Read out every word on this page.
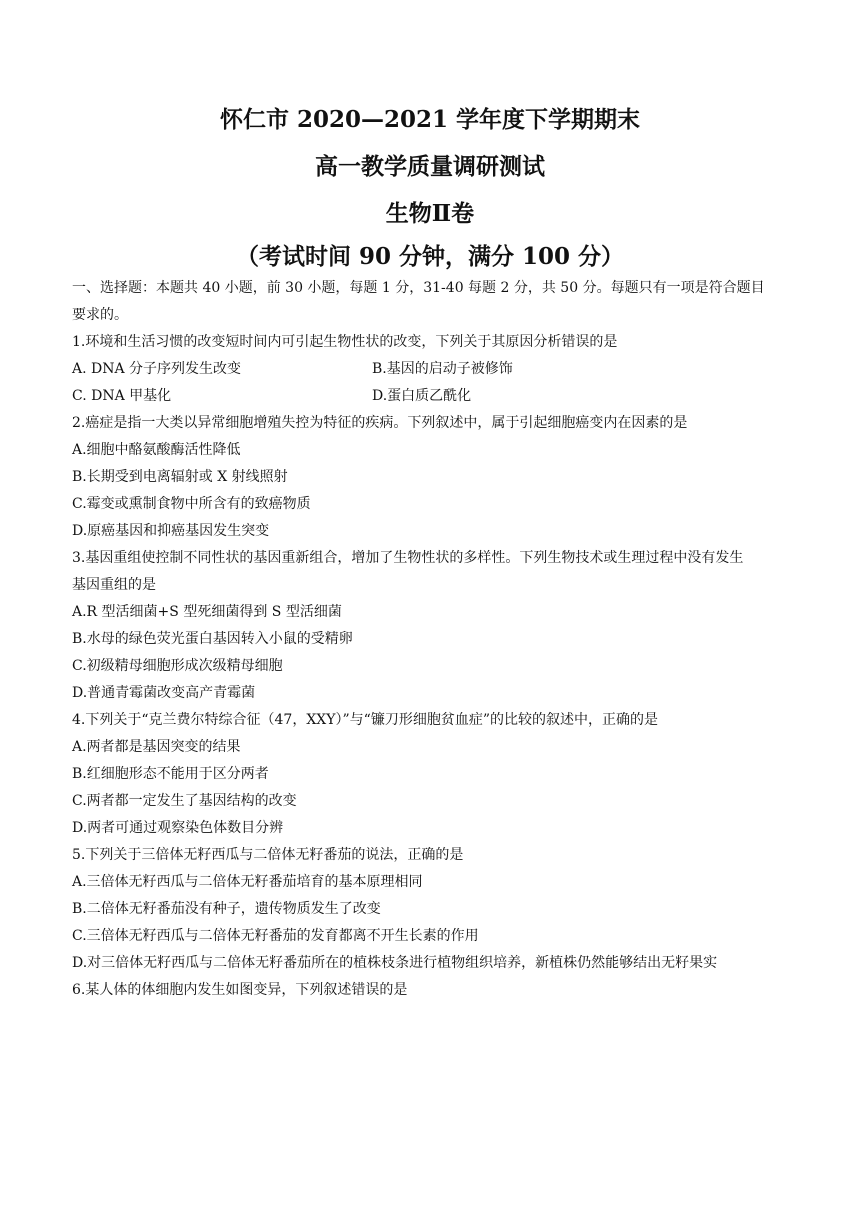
怀仁市 2020—2021 学年度下学期期末
高一教学质量调研测试
生物Ⅱ卷
（考试时间 90 分钟，满分 100 分）
一、选择题：本题共 40 小题，前 30 小题，每题 1 分，31-40 每题 2 分，共 50 分。每题只有一项是符合题目
要求的。
1.环境和生活习惯的改变短时间内可引起生物性状的改变，下列关于其原因分析错误的是
A. DNA 分子序列发生改变	B.基因的启动子被修饰
C. DNA 甲基化	D.蛋白质乙酰化
2.癌症是指一大类以异常细胞增殖失控为特征的疾病。下列叙述中，属于引起细胞癌变内在因素的是
A.细胞中酪氨酸酶活性降低
B.长期受到电离辐射或 X 射线照射
C.霉变或熏制食物中所含有的致癌物质
D.原癌基因和抑癌基因发生突变
3.基因重组使控制不同性状的基因重新组合，增加了生物性状的多样性。下列生物技术或生理过程中没有发生
基因重组的是
A.R 型活细菌+S 型死细菌得到 S 型活细菌
B.水母的绿色荧光蛋白基因转入小鼠的受精卵
C.初级精母细胞形成次级精母细胞
D.普通青霉菌改变高产青霉菌
4.下列关于“克兰费尔特综合征（47，XXY）”与“镰刀形细胞贫血症”的比较的叙述中，正确的是
A.两者都是基因突变的结果
B.红细胞形态不能用于区分两者
C.两者都一定发生了基因结构的改变
D.两者可通过观察染色体数目分辨
5.下列关于三倍体无籽西瓜与二倍体无籽番茄的说法，正确的是
A.三倍体无籽西瓜与二倍体无籽番茄培育的基本原理相同
B.二倍体无籽番茄没有种子，遗传物质发生了改变
C.三倍体无籽西瓜与二倍体无籽番茄的发育都离不开生长素的作用
D.对三倍体无籽西瓜与二倍体无籽番茄所在的植株枝条进行植物组织培养，新植株仍然能够结出无籽果实
6.某人体的体细胞内发生如图变异，下列叙述错误的是
